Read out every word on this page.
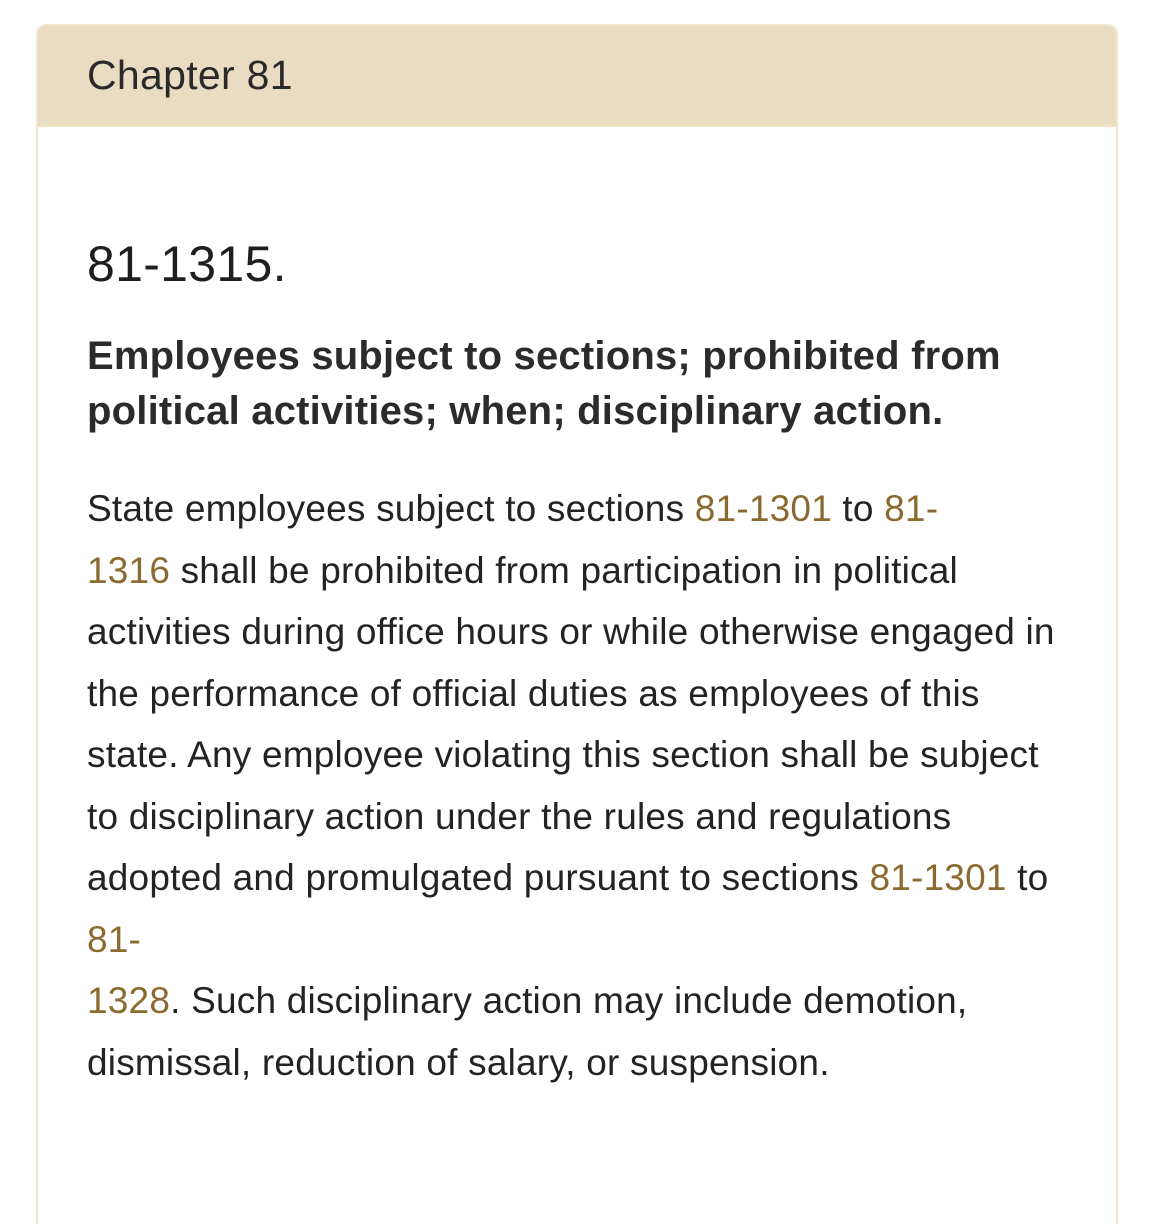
Chapter 81
81-1315.
Employees subject to sections; prohibited from political activities; when; disciplinary action.

State employees subject to sections 81-1301 to 81-
1316 shall be prohibited from participation in political activities during office hours or while otherwise engaged in the performance of official duties as employees of this state. Any employee violating this section shall be subject to disciplinary action under the rules and regulations adopted and promulgated pursuant to sections 81-1301 to 81-
1328. Such disciplinary action may include demotion, dismissal, reduction of salary, or suspension.
